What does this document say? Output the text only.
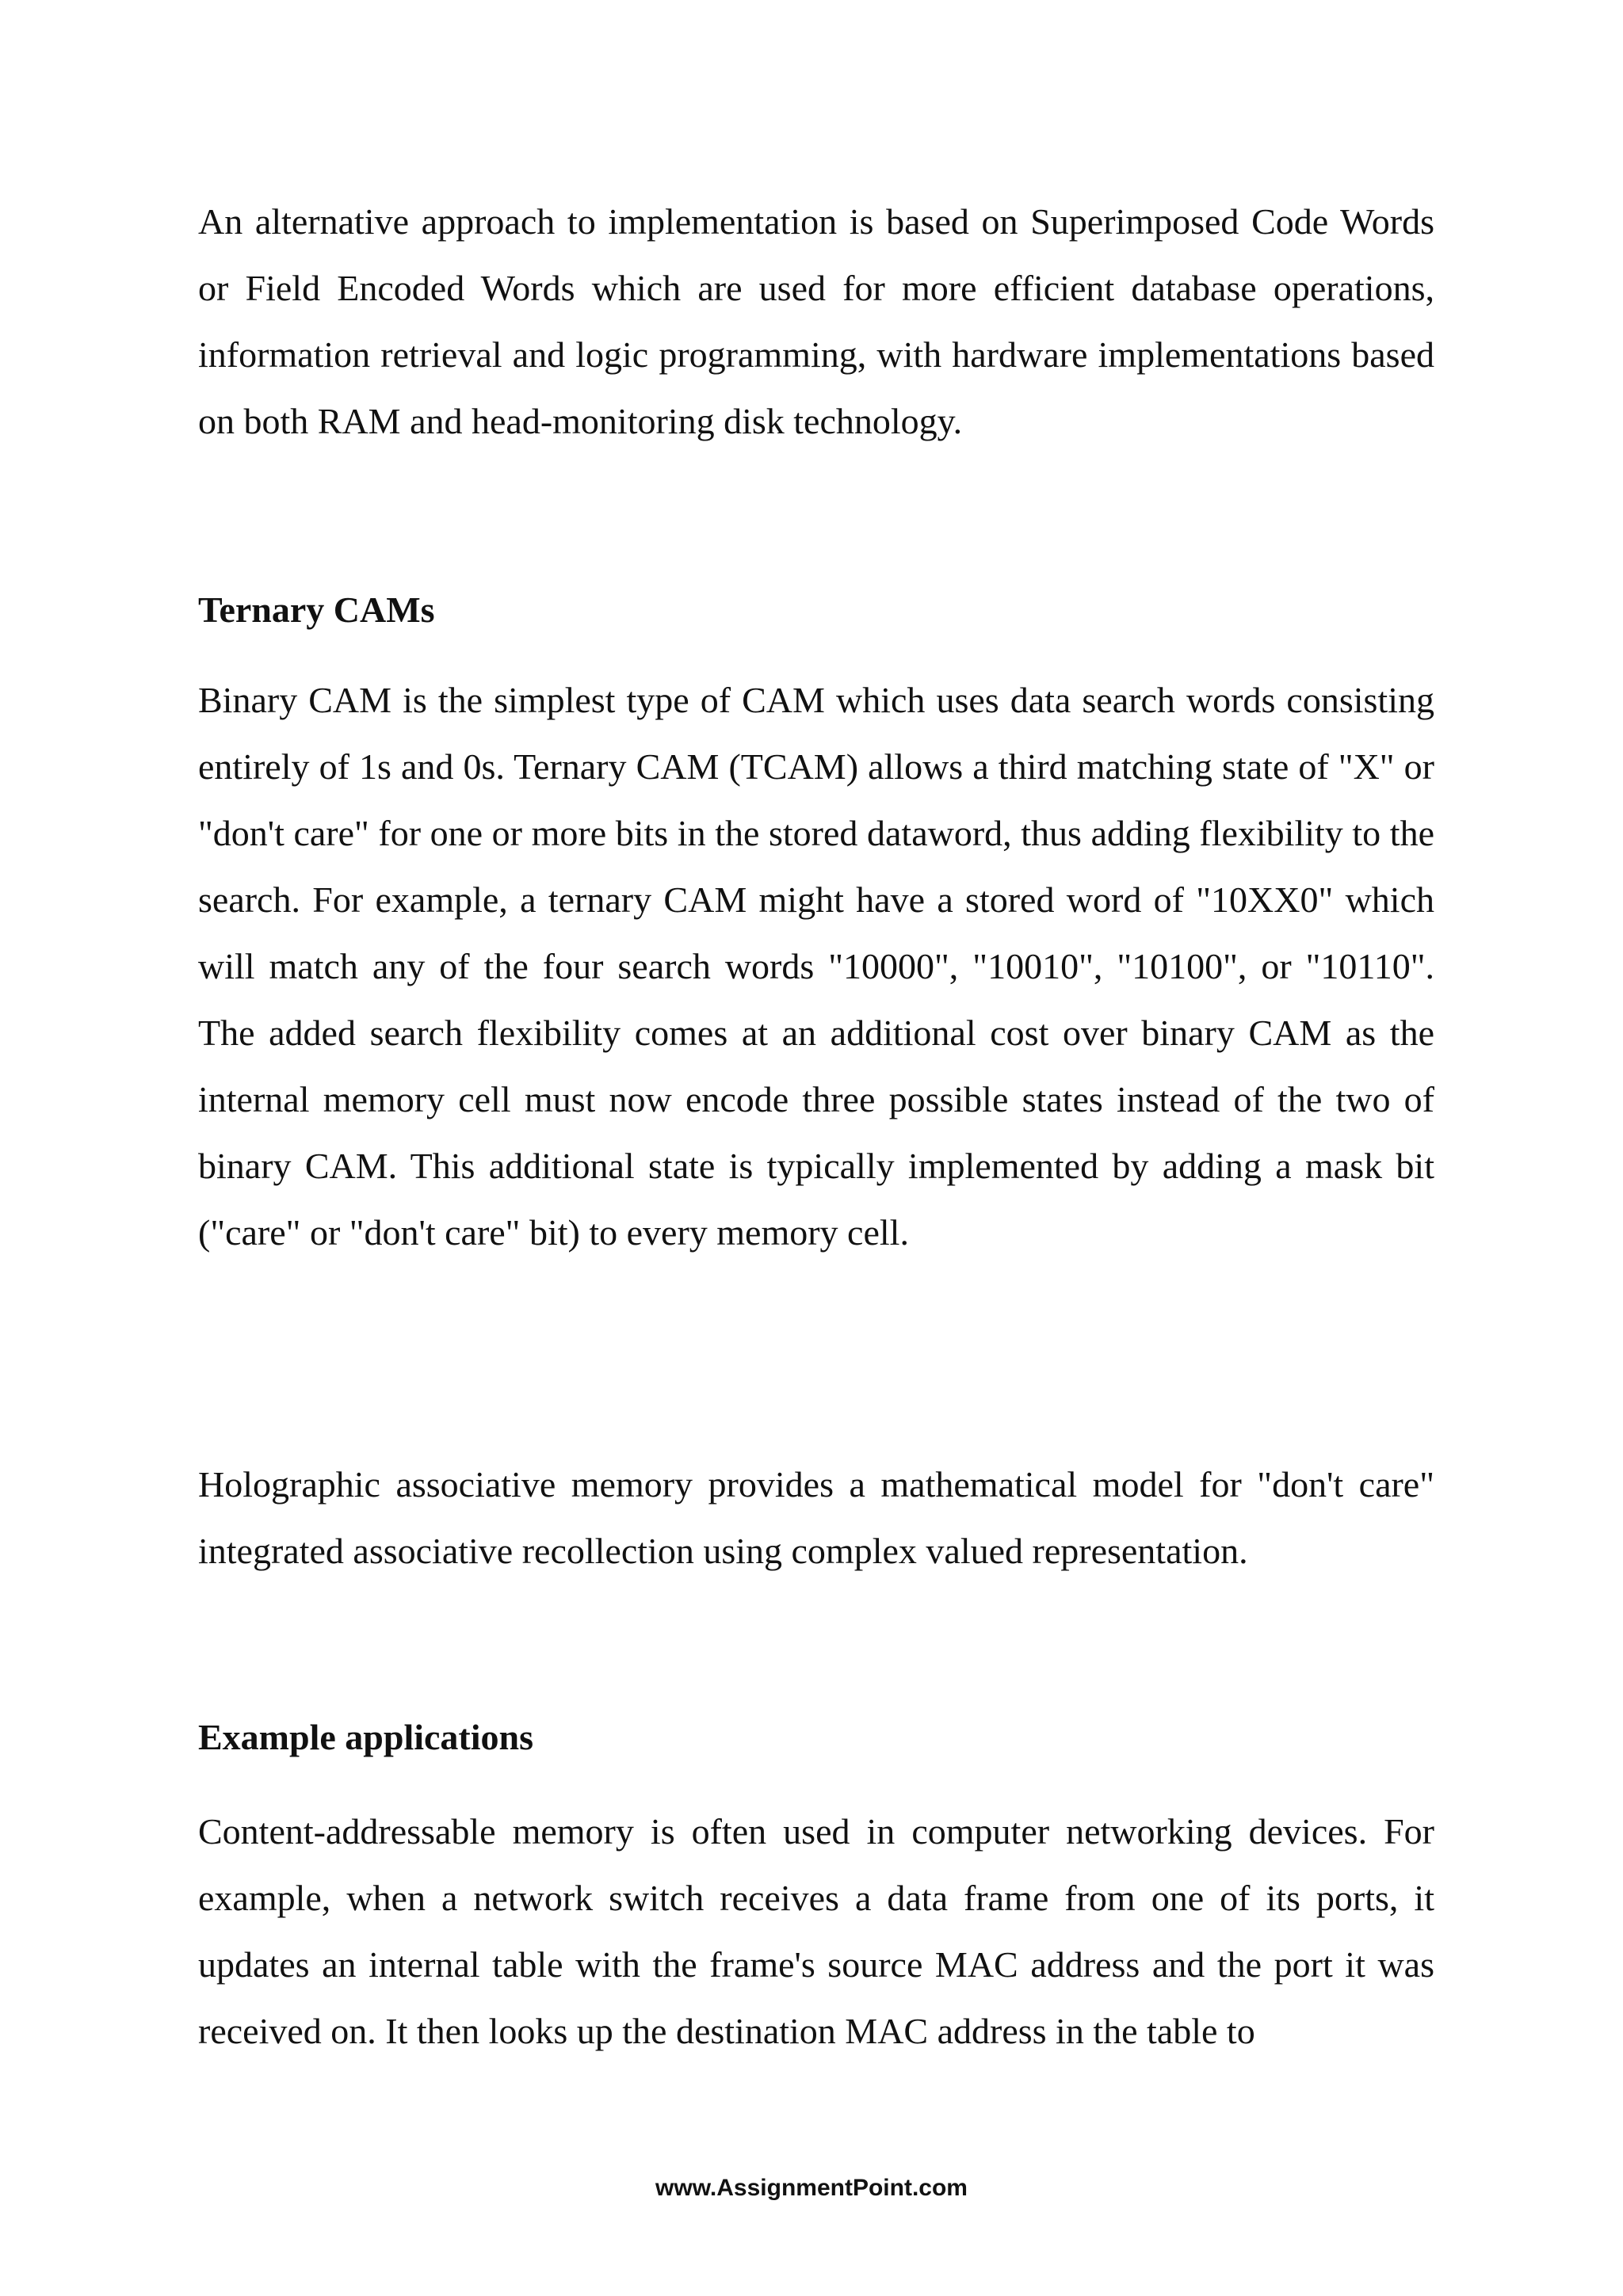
An alternative approach to implementation is based on Superimposed Code Words or Field Encoded Words which are used for more efficient database operations, information retrieval and logic programming, with hardware implementations based on both RAM and head-monitoring disk technology.

Ternary CAMs

Binary CAM is the simplest type of CAM which uses data search words consisting entirely of 1s and 0s. Ternary CAM (TCAM) allows a third matching state of "X" or "don't care" for one or more bits in the stored dataword, thus adding flexibility to the search. For example, a ternary CAM might have a stored word of "10XX0" which will match any of the four search words "10000", "10010", "10100", or "10110". The added search flexibility comes at an additional cost over binary CAM as the internal memory cell must now encode three possible states instead of the two of binary CAM. This additional state is typically implemented by adding a mask bit ("care" or "don't care" bit) to every memory cell.

Holographic associative memory provides a mathematical model for "don't care" integrated associative recollection using complex valued representation.

Example applications

Content-addressable memory is often used in computer networking devices. For example, when a network switch receives a data frame from one of its ports, it updates an internal table with the frame's source MAC address and the port it was received on. It then looks up the destination MAC address in the table to

www.AssignmentPoint.com
